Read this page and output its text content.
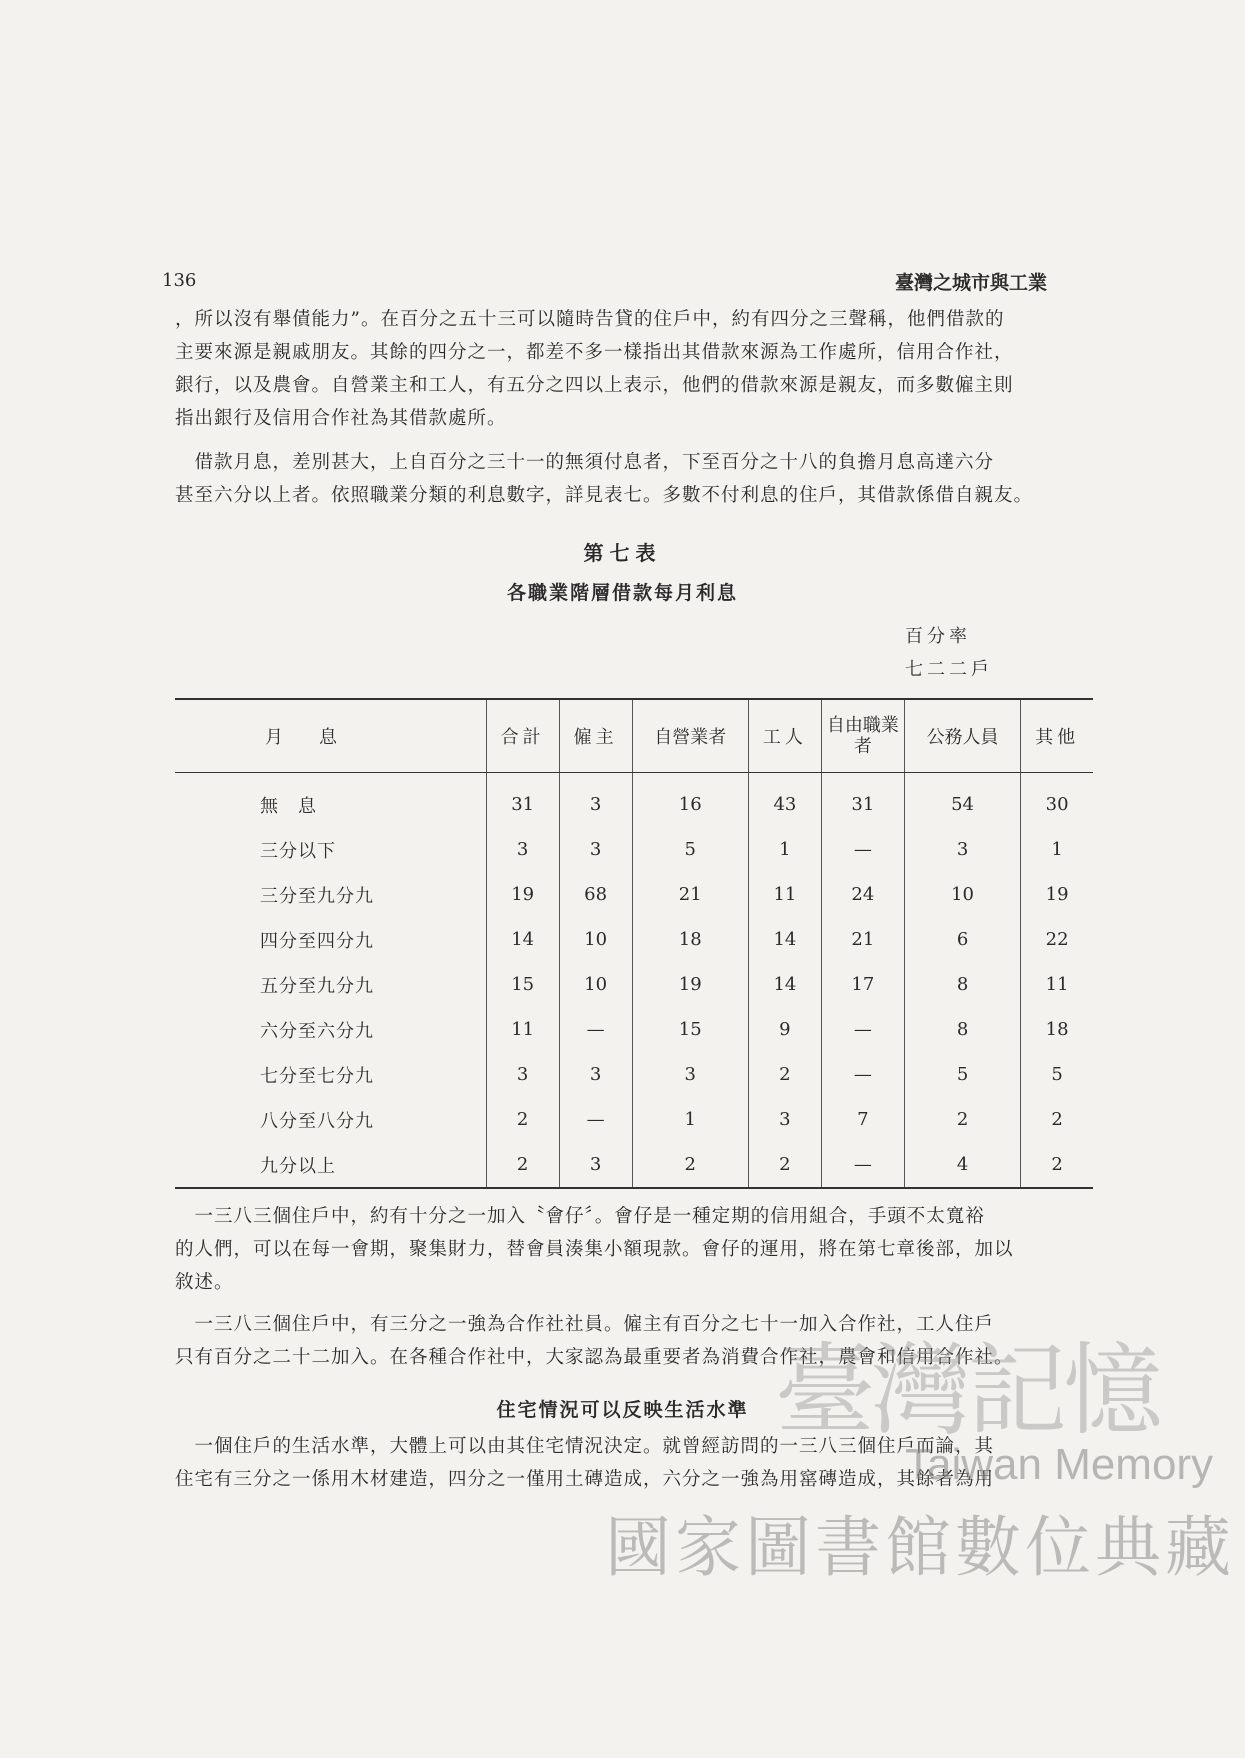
136	臺灣之城市與工業

，所以沒有舉債能力”。在百分之五十三可以隨時告貸的住戶中，約有四分之三聲稱，他們借款的

主要來源是親戚朋友。其餘的四分之一，都差不多一樣指出其借款來源為工作處所，信用合作社，

銀行，以及農會。自營業主和工人，有五分之四以上表示，他們的借款來源是親友，而多數僱主則

指出銀行及信用合作社為其借款處所。

　借款月息，差別甚大，上自百分之三十一的無須付息者，下至百分之十八的負擔月息高達六分

甚至六分以上者。依照職業分類的利息數字，詳見表七。多數不付利息的住戶，其借款係借自親友。

第七表
各職業階層借款每月利息
百分率
七二二戶
月　　息	合計	僱主	自營業者	工人	自由職業者	公務人員	其他
無　息	31	3	16	43	31	54	30
三分以下	3	3	5	1	—	3	1
三分至九分九	19	68	21	11	24	10	19
四分至四分九	14	10	18	14	21	6	22
五分至九分九	15	10	19	14	17	8	11
六分至六分九	11	—	15	9	—	8	18
七分至七分九	3	3	3	2	—	5	5
八分至八分九	2	—	1	3	7	2	2
九分以上	2	3	2	2	—	4	2

　一三八三個住戶中，約有十分之一加入〝會仔〞。會仔是一種定期的信用組合，手頭不太寬裕

的人們，可以在每一會期，聚集財力，替會員湊集小額現款。會仔的運用，將在第七章後部，加以

敘述。

　一三八三個住戶中，有三分之一強為合作社社員。僱主有百分之七十一加入合作社，工人住戶

只有百分之二十二加入。在各種合作社中，大家認為最重要者為消費合作社，農會和信用合作社。

住宅情況可以反映生活水準

　一個住戶的生活水準，大體上可以由其住宅情況決定。就曾經訪問的一三八三個住戶而論，其

住宅有三分之一係用木材建造，四分之一僅用土磚造成，六分之一強為用窰磚造成，其餘者為用

臺灣記憶
Taiwan Memory
國家圖書館數位典藏
